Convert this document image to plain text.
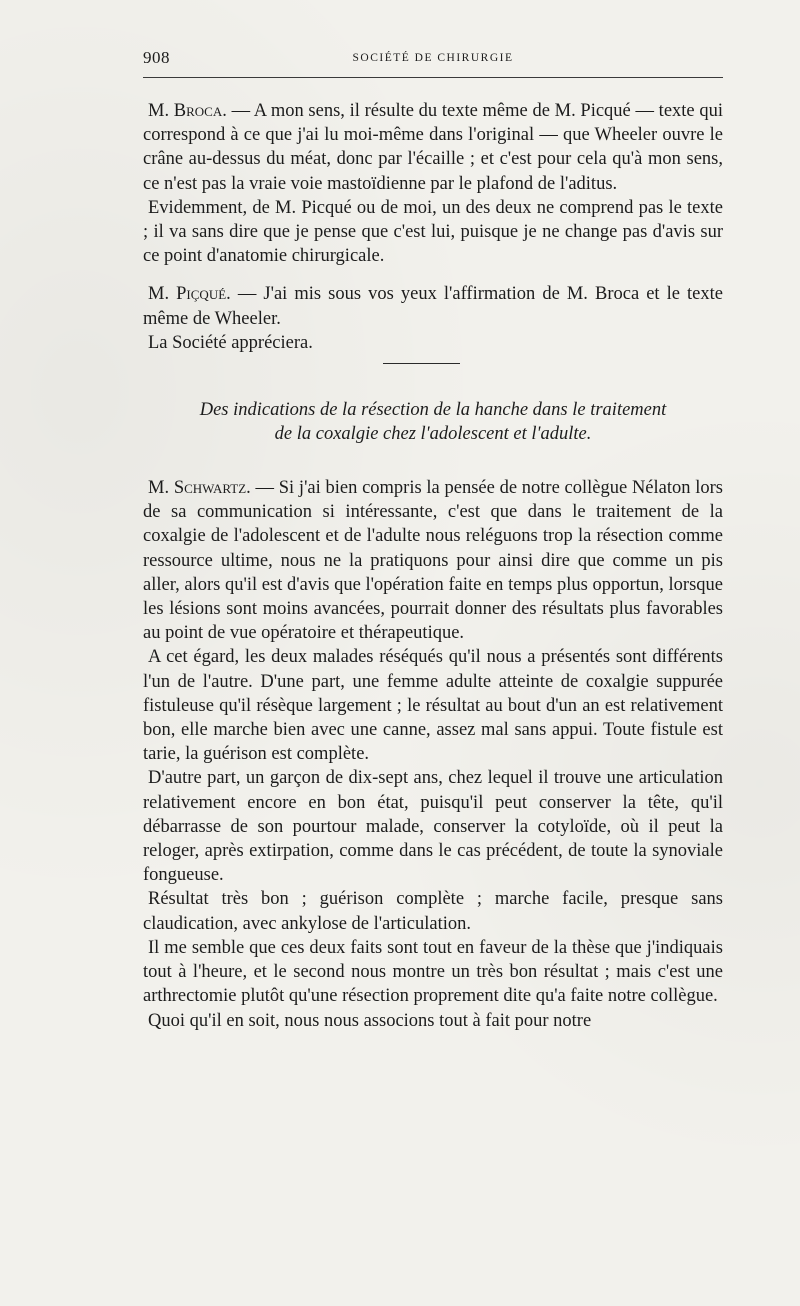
908	SOCIÉTÉ DE CHIRURGIE

M. Broca. — A mon sens, il résulte du texte même de M. Picqué — texte qui correspond à ce que j'ai lu moi-même dans l'original — que Wheeler ouvre le crâne au-dessus du méat, donc par l'écaille ; et c'est pour cela qu'à mon sens, ce n'est pas la vraie voie mastoïdienne par le plafond de l'aditus.

Evidemment, de M. Picqué ou de moi, un des deux ne comprend pas le texte ; il va sans dire que je pense que c'est lui, puisque je ne change pas d'avis sur ce point d'anatomie chirurgicale.

M. Piçqué. — J'ai mis sous vos yeux l'affirmation de M. Broca et le texte même de Wheeler.

La Société appréciera.

Des indications de la résection de la hanche dans le traitement
de la coxalgie chez l'adolescent et l'adulte.

M. Schwartz. — Si j'ai bien compris la pensée de notre collègue Nélaton lors de sa communication si intéressante, c'est que dans le traitement de la coxalgie de l'adolescent et de l'adulte nous reléguons trop la résection comme ressource ultime, nous ne la pratiquons pour ainsi dire que comme un pis aller, alors qu'il est d'avis que l'opération faite en temps plus opportun, lorsque les lésions sont moins avancées, pourrait donner des résultats plus favorables au point de vue opératoire et thérapeutique.

A cet égard, les deux malades réséqués qu'il nous a présentés sont différents l'un de l'autre. D'une part, une femme adulte atteinte de coxalgie suppurée fistuleuse qu'il résèque largement ; le résultat au bout d'un an est relativement bon, elle marche bien avec une canne, assez mal sans appui. Toute fistule est tarie, la guérison est complète.

D'autre part, un garçon de dix-sept ans, chez lequel il trouve une articulation relativement encore en bon état, puisqu'il peut conserver la tête, qu'il débarrasse de son pourtour malade, conserver la cotyloïde, où il peut la reloger, après extirpation, comme dans le cas précédent, de toute la synoviale fongueuse.

Résultat très bon ; guérison complète ; marche facile, presque sans claudication, avec ankylose de l'articulation.

Il me semble que ces deux faits sont tout en faveur de la thèse que j'indiquais tout à l'heure, et le second nous montre un très bon résultat ; mais c'est une arthrectomie plutôt qu'une résection proprement dite qu'a faite notre collègue.

Quoi qu'il en soit, nous nous associons tout à fait pour notre
